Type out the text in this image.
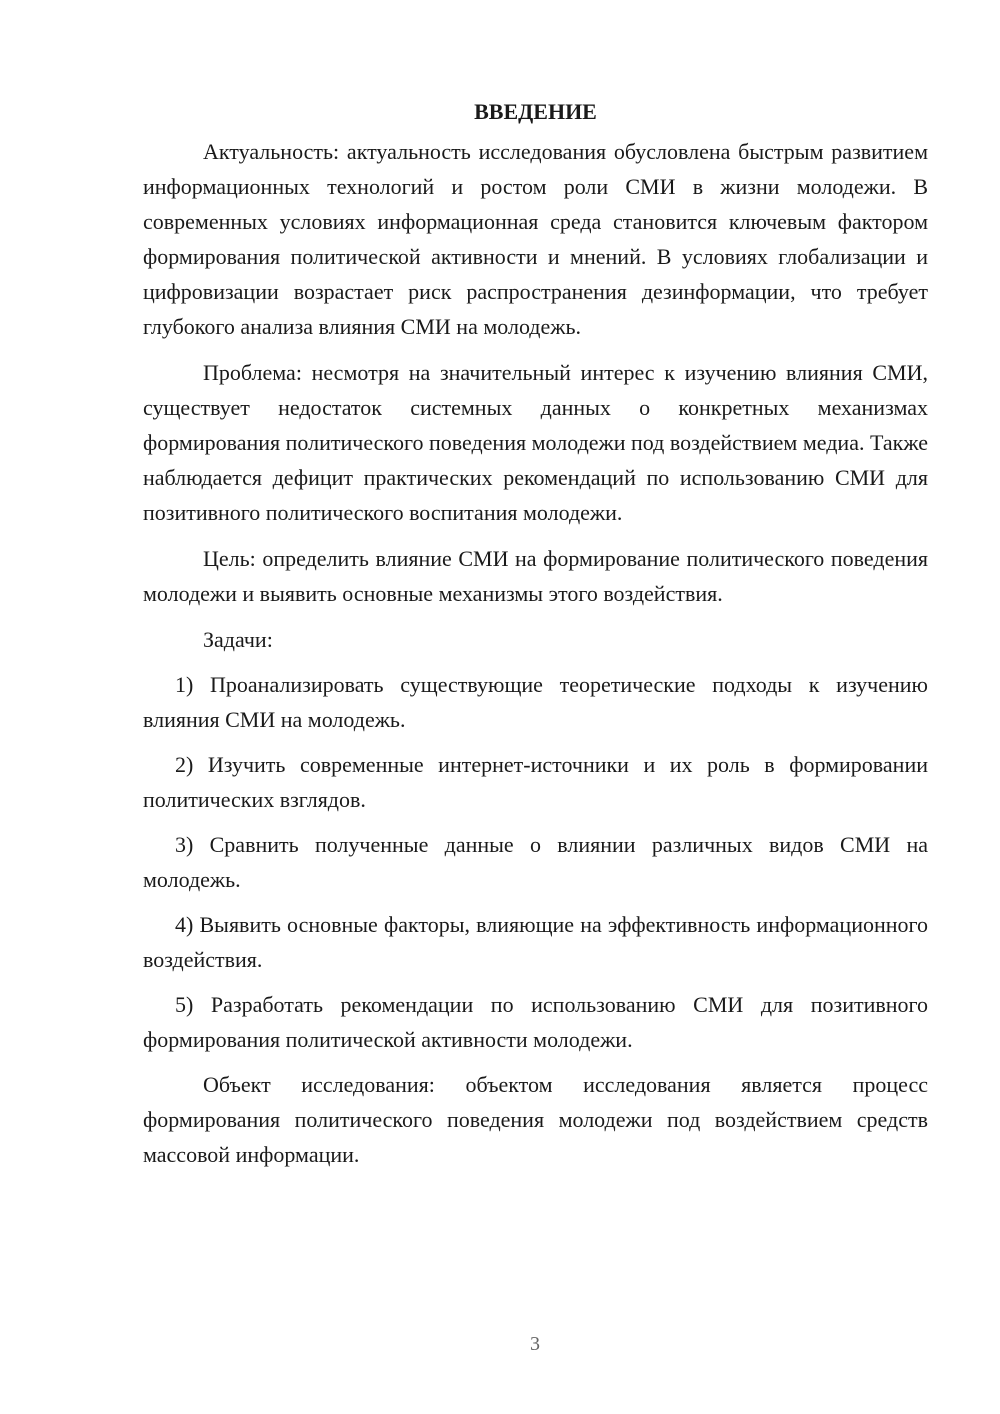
ВВЕДЕНИЕ

Актуальность: актуальность исследования обусловлена быстрым развитием информационных технологий и ростом роли СМИ в жизни молодежи. В современных условиях информационная среда становится ключевым фактором формирования политической активности и мнений. В условиях глобализации и цифровизации возрастает риск распространения дезинформации, что требует глубокого анализа влияния СМИ на молодежь.

Проблема: несмотря на значительный интерес к изучению влияния СМИ, существует недостаток системных данных о конкретных механизмах формирования политического поведения молодежи под воздействием медиа. Также наблюдается дефицит практических рекомендаций по использованию СМИ для позитивного политического воспитания молодежи.

Цель: определить влияние СМИ на формирование политического поведения молодежи и выявить основные механизмы этого воздействия.

Задачи:

1) Проанализировать существующие теоретические подходы к изучению влияния СМИ на молодежь.

2) Изучить современные интернет-источники и их роль в формировании политических взглядов.

3) Сравнить полученные данные о влиянии различных видов СМИ на молодежь.

4) Выявить основные факторы, влияющие на эффективность информационного воздействия.

5) Разработать рекомендации по использованию СМИ для позитивного формирования политической активности молодежи.

Объект исследования: объектом исследования является процесс формирования политического поведения молодежи под воздействием средств массовой информации.

3
